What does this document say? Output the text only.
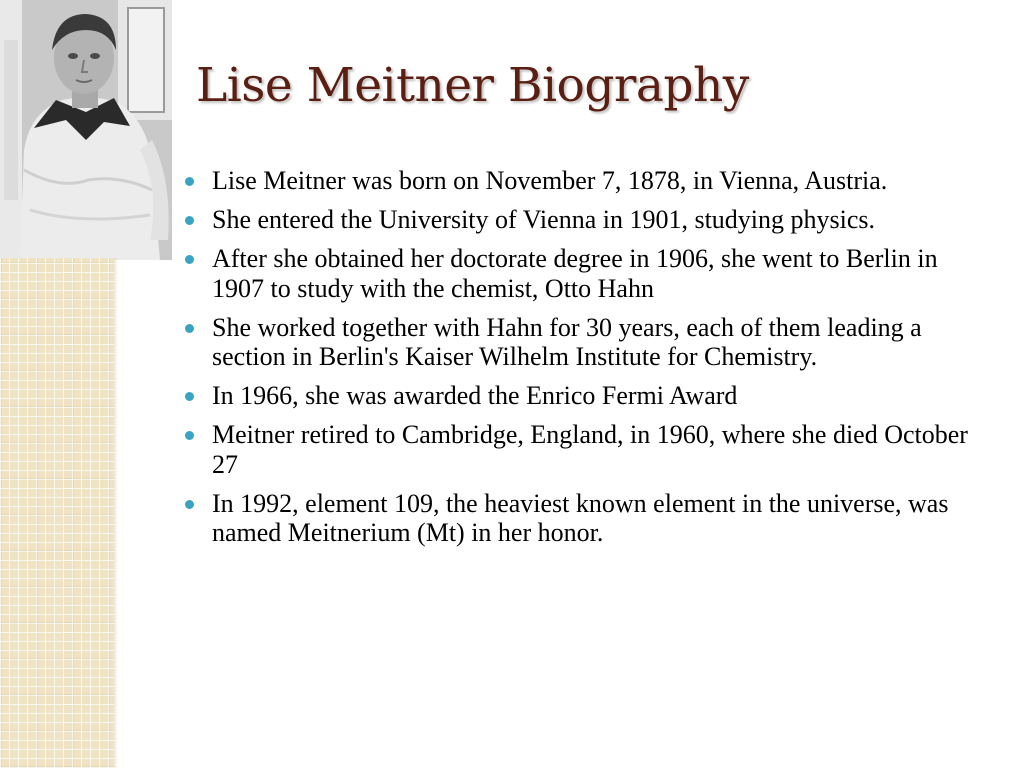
Lise Meitner Biography
Lise Meitner was born on November 7, 1878, in Vienna, Austria.
She entered the University of Vienna in 1901, studying physics.
After she obtained her doctorate degree in 1906, she went to Berlin in 1907 to study with the chemist, Otto Hahn
She worked together with Hahn for 30 years, each of them leading a section in Berlin's Kaiser Wilhelm Institute for Chemistry.
In 1966, she was awarded the Enrico Fermi Award
Meitner retired to Cambridge, England, in 1960, where she died October 27
In 1992, element 109, the heaviest known element in the universe, was named Meitnerium (Mt) in her honor.
